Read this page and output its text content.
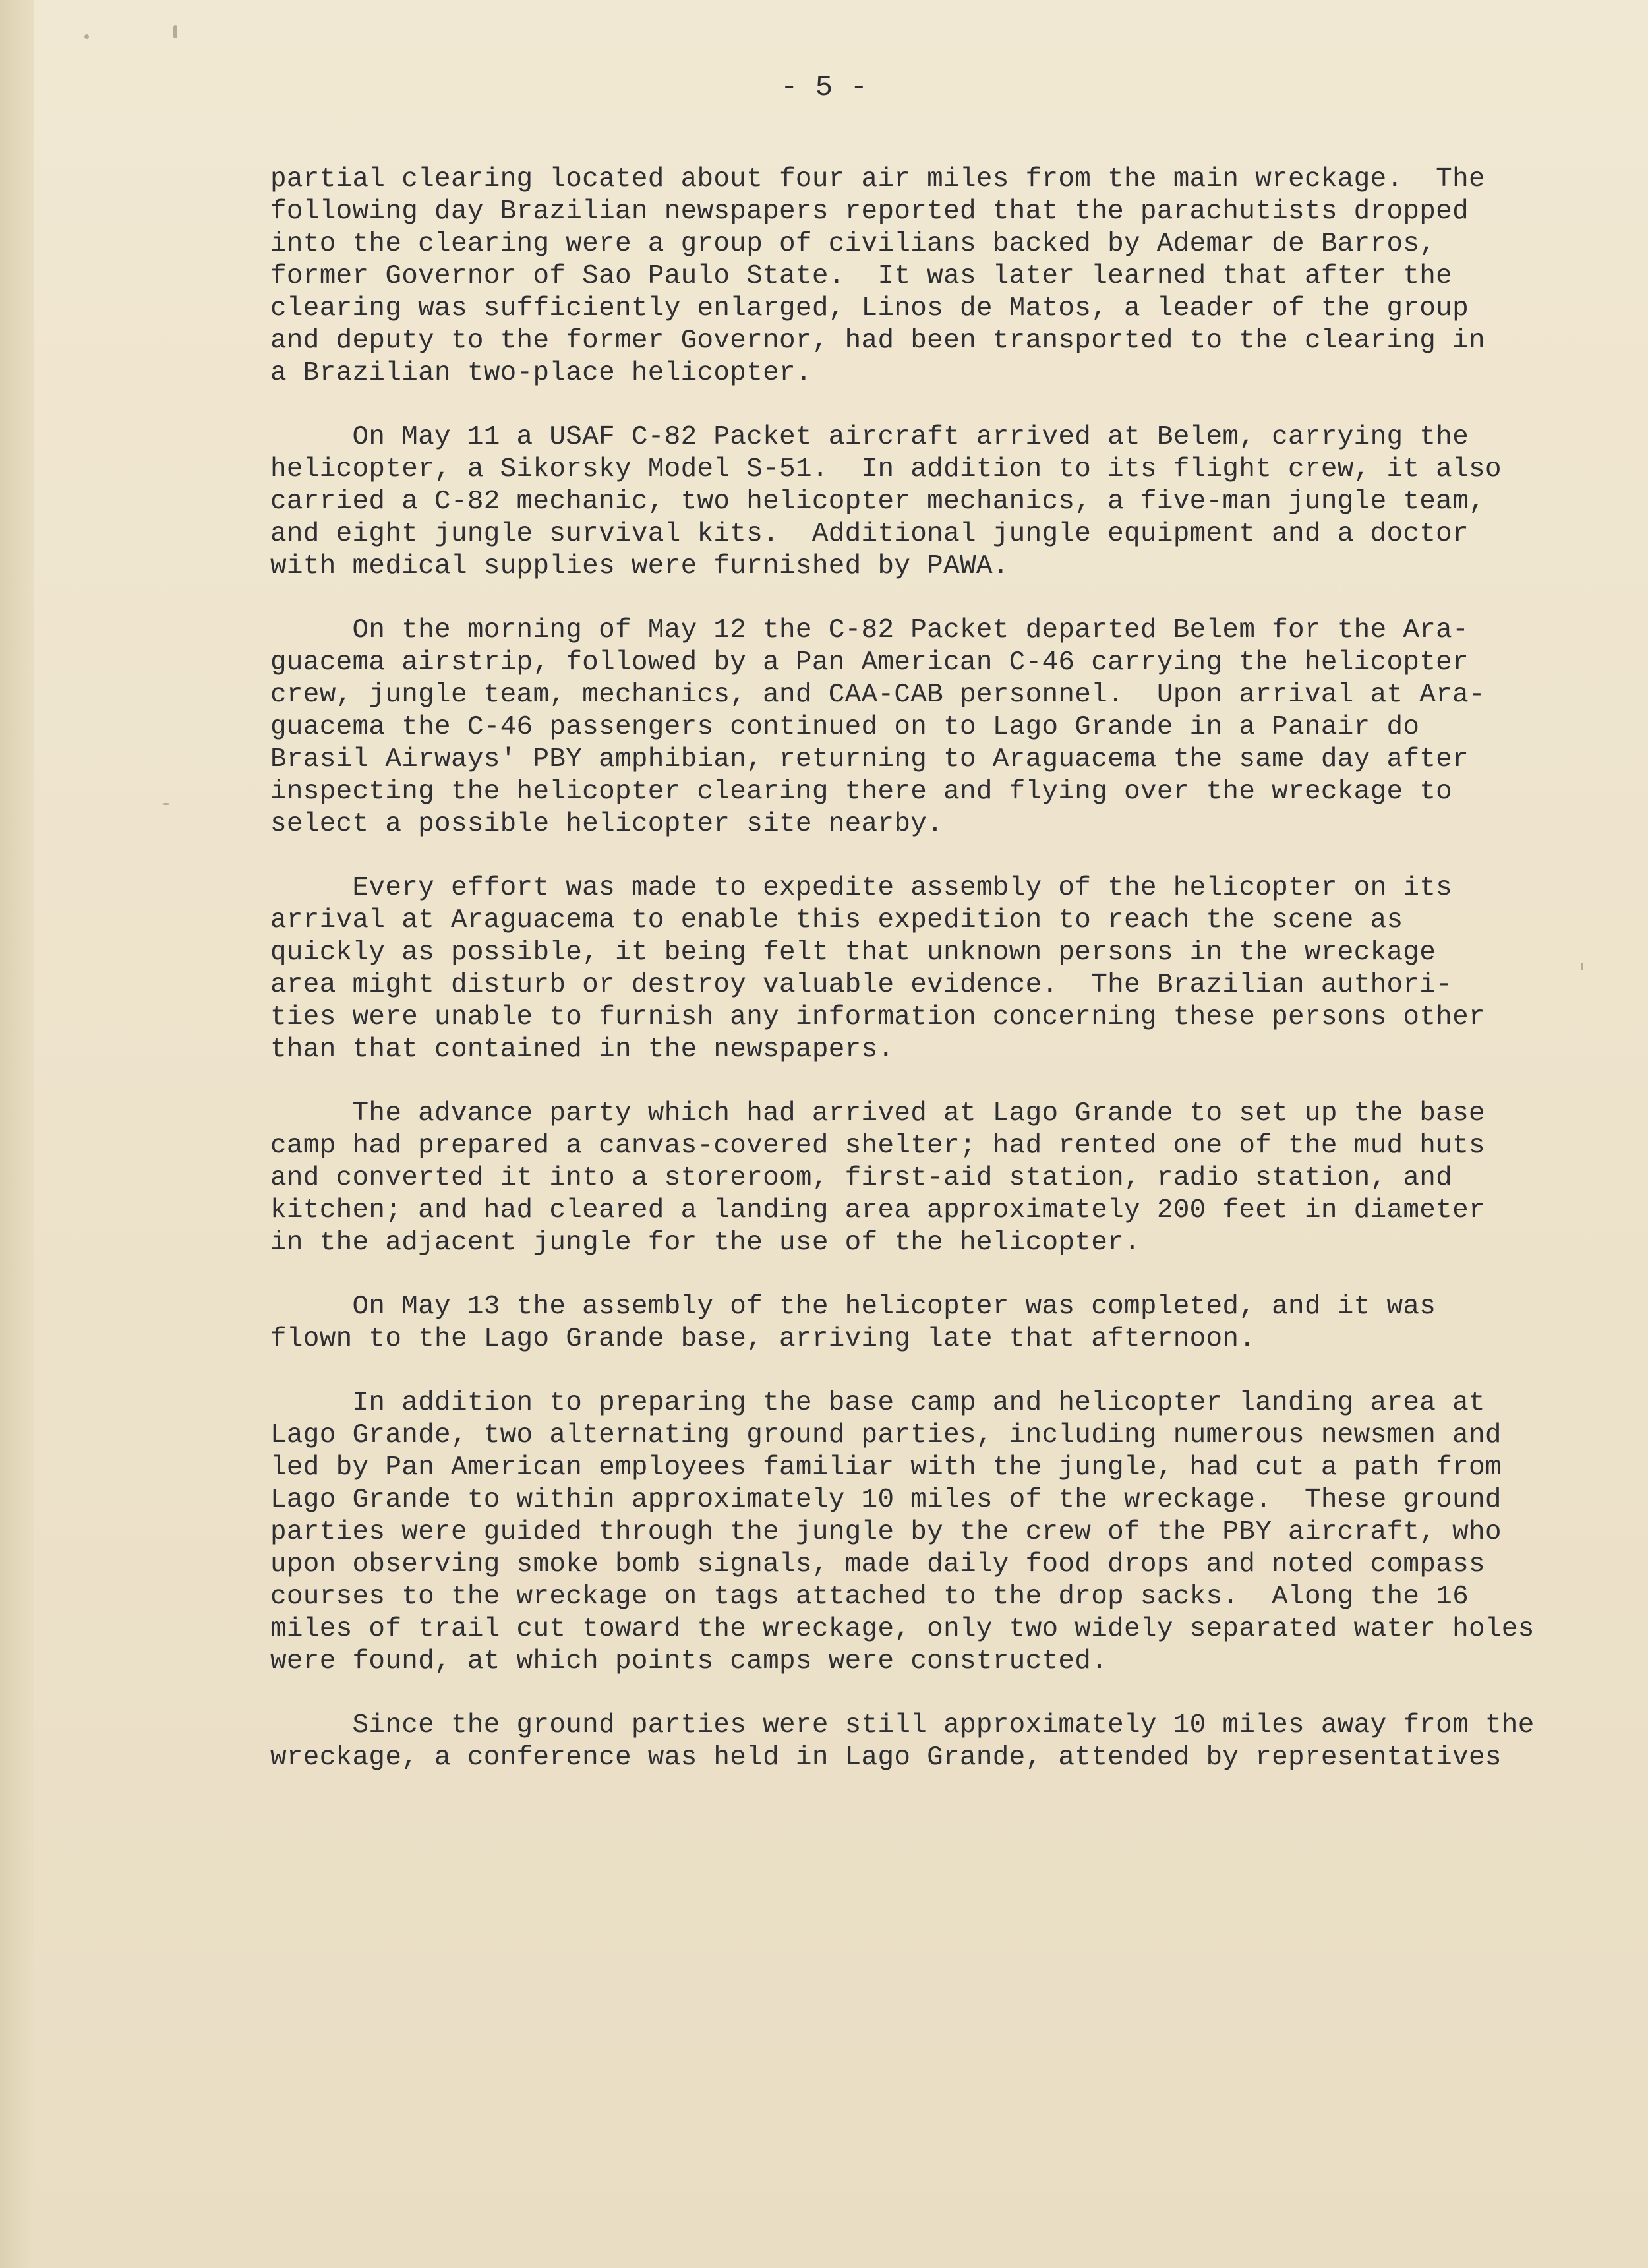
- 5 -
partial clearing located about four air miles from the main wreckage.  The
following day Brazilian newspapers reported that the parachutists dropped
into the clearing were a group of civilians backed by Ademar de Barros,
former Governor of Sao Paulo State.  It was later learned that after the
clearing was sufficiently enlarged, Linos de Matos, a leader of the group
and deputy to the former Governor, had been transported to the clearing in
a Brazilian two-place helicopter.
On May 11 a USAF C-82 Packet aircraft arrived at Belem, carrying the
helicopter, a Sikorsky Model S-51.  In addition to its flight crew, it also
carried a C-82 mechanic, two helicopter mechanics, a five-man jungle team,
and eight jungle survival kits.  Additional jungle equipment and a doctor
with medical supplies were furnished by PAWA.
On the morning of May 12 the C-82 Packet departed Belem for the Ara-
guacema airstrip, followed by a Pan American C-46 carrying the helicopter
crew, jungle team, mechanics, and CAA-CAB personnel.  Upon arrival at Ara-
guacema the C-46 passengers continued on to Lago Grande in a Panair do
Brasil Airways' PBY amphibian, returning to Araguacema the same day after
inspecting the helicopter clearing there and flying over the wreckage to
select a possible helicopter site nearby.
Every effort was made to expedite assembly of the helicopter on its
arrival at Araguacema to enable this expedition to reach the scene as
quickly as possible, it being felt that unknown persons in the wreckage
area might disturb or destroy valuable evidence.  The Brazilian authori-
ties were unable to furnish any information concerning these persons other
than that contained in the newspapers.
The advance party which had arrived at Lago Grande to set up the base
camp had prepared a canvas-covered shelter; had rented one of the mud huts
and converted it into a storeroom, first-aid station, radio station, and
kitchen; and had cleared a landing area approximately 200 feet in diameter
in the adjacent jungle for the use of the helicopter.
On May 13 the assembly of the helicopter was completed, and it was
flown to the Lago Grande base, arriving late that afternoon.
In addition to preparing the base camp and helicopter landing area at
Lago Grande, two alternating ground parties, including numerous newsmen and
led by Pan American employees familiar with the jungle, had cut a path from
Lago Grande to within approximately 10 miles of the wreckage.  These ground
parties were guided through the jungle by the crew of the PBY aircraft, who
upon observing smoke bomb signals, made daily food drops and noted compass
courses to the wreckage on tags attached to the drop sacks.  Along the 16
miles of trail cut toward the wreckage, only two widely separated water holes
were found, at which points camps were constructed.
Since the ground parties were still approximately 10 miles away from the
wreckage, a conference was held in Lago Grande, attended by representatives
